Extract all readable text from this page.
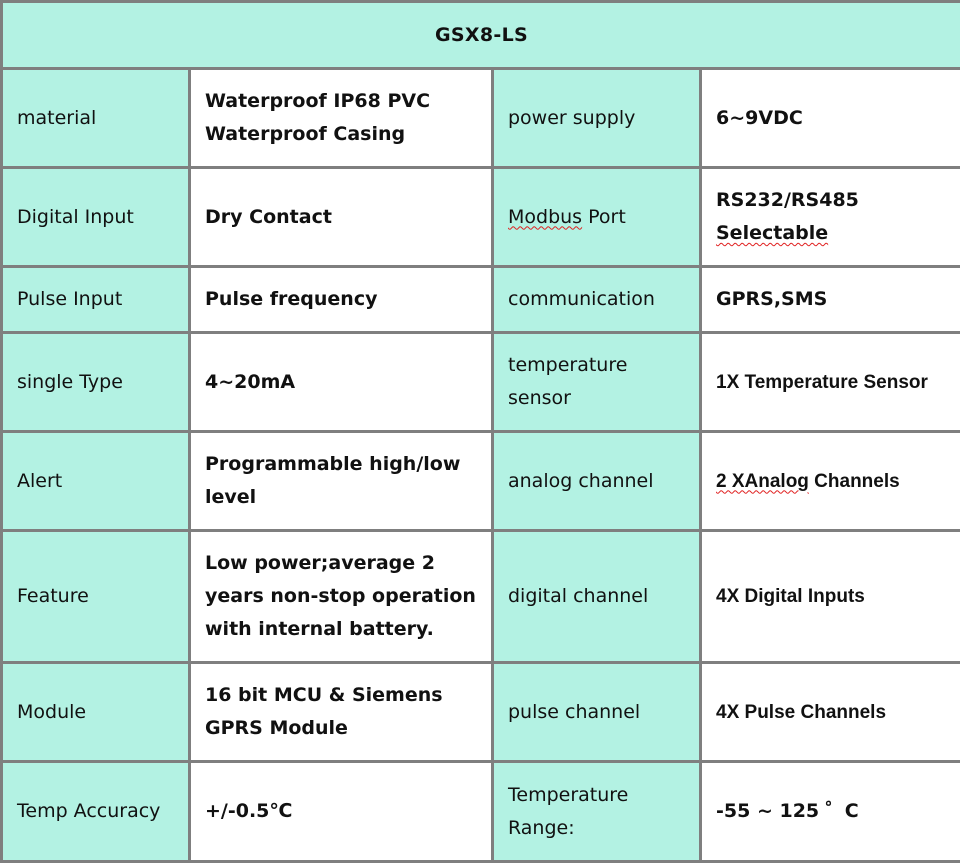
GSX8-LS			
material	Waterproof IP68 PVC Waterproof Casing	power supply	6~9VDC
Digital Input	Dry Contact	Modbus Port	RS232/RS485
Selectable
Pulse Input	Pulse frequency	communication	GPRS,SMS
single Type	4~20mA	temperature sensor	1X Temperature Sensor
Alert	Programmable high/low level	analog channel	2 XAnalog Channels
Feature	Low power;average 2 years non-stop operation with internal battery.	digital channel	4X Digital Inputs
Module	16 bit MCU & Siemens GPRS Module	pulse channel	4X Pulse Channels
Temp Accuracy	+/-0.5℃	Temperature Range:	-55 ~ 125 ゜C
